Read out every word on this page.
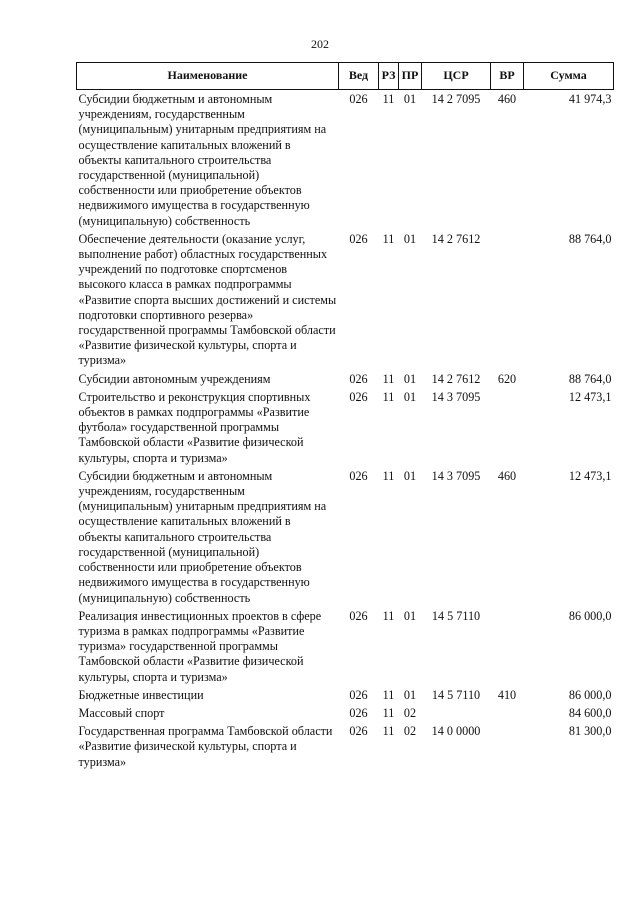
202
Наименование	Вед	РЗ	ПР	ЦСР	ВР	Сумма
Субсидии бюджетным и автономным учреждениям, государственным (муниципальным) унитарным предприятиям на осуществление капитальных вложений в объекты капитального строительства государственной (муниципальной) собственности или приобретение объектов недвижимого имущества в государственную (муниципальную) собственность	026	11	01	14 2 7095	460	41 974,3
Обеспечение деятельности (оказание услуг, выполнение работ) областных государственных учреждений по подготовке спортсменов высокого класса в рамках подпрограммы «Развитие спорта высших достижений и системы подготовки спортивного резерва» государственной программы Тамбовской области «Развитие физической культуры, спорта и туризма»	026	11	01	14 2 7612		88 764,0
Субсидии автономным учреждениям	026	11	01	14 2 7612	620	88 764,0
Строительство и реконструкция спортивных объектов в рамках подпрограммы «Развитие футбола» государственной программы Тамбовской области «Развитие физической культуры, спорта и туризма»	026	11	01	14 3 7095		12 473,1
Субсидии бюджетным и автономным учреждениям, государственным (муниципальным) унитарным предприятиям на осуществление капитальных вложений в объекты капитального строительства государственной (муниципальной) собственности или приобретение объектов недвижимого имущества в государственную (муниципальную) собственность	026	11	01	14 3 7095	460	12 473,1
Реализация инвестиционных проектов в сфере туризма в рамках подпрограммы «Развитие туризма» государственной программы Тамбовской области «Развитие физической культуры, спорта и туризма»	026	11	01	14 5 7110		86 000,0
Бюджетные инвестиции	026	11	01	14 5 7110	410	86 000,0
Массовый спорт	026	11	02			84 600,0
Государственная программа Тамбовской области «Развитие физической культуры, спорта и туризма»	026	11	02	14 0 0000		81 300,0
